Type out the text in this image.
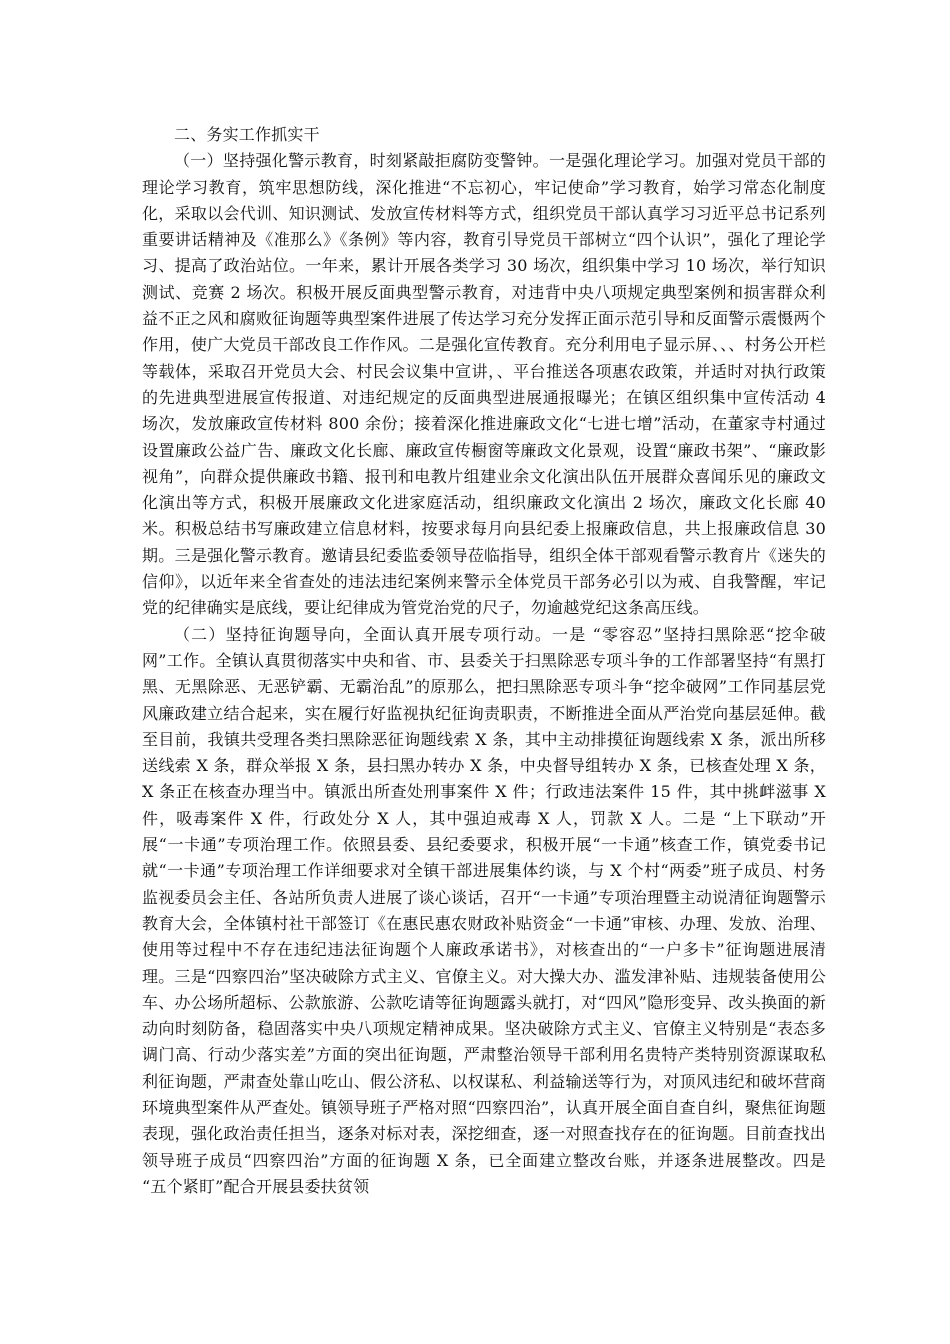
二、务实工作抓实干

（一）坚持强化警示教育，时刻紧敲拒腐防变警钟。一是强化理论学习。加强对党员干部的理论学习教育，筑牢思想防线，深化推进“不忘初心，牢记使命”学习教育，始学习常态化制度化，采取以会代训、知识测试、发放宣传材料等方式，组织党员干部认真学习习近平总书记系列重要讲话精神及《准那么》《条例》等内容，教育引导党员干部树立“四个认识”，强化了理论学习、提高了政治站位。一年来，累计开展各类学习 30 场次，组织集中学习 10 场次，举行知识测试、竞赛 2 场次。积极开展反面典型警示教育，对违背中央八项规定典型案例和损害群众利益不正之风和腐败征询题等典型案件进展了传达学习充分发挥正面示范引导和反面警示震慑两个作用，使广大党员干部改良工作作风。二是强化宣传教育。充分利用电子显示屏、、、村务公开栏等载体，采取召开党员大会、村民会议集中宣讲，、平台推送各项惠农政策，并适时对执行政策的先进典型进展宣传报道、对违纪规定的反面典型进展通报曝光；在镇区组织集中宣传活动 4 场次，发放廉政宣传材料 800 余份；接着深化推进廉政文化“七进七增”活动，在董家寺村通过设置廉政公益广告、廉政文化长廊、廉政宣传橱窗等廉政文化景观，设置“廉政书架”、“廉政影视角”，向群众提供廉政书籍、报刊和电教片组建业余文化演出队伍开展群众喜闻乐见的廉政文化演出等方式，积极开展廉政文化进家庭活动，组织廉政文化演出 2 场次，廉政文化长廊 40 米。积极总结书写廉政建立信息材料，按要求每月向县纪委上报廉政信息，共上报廉政信息 30 期。三是强化警示教育。邀请县纪委监委领导莅临指导，组织全体干部观看警示教育片《迷失的信仰》，以近年来全省查处的违法违纪案例来警示全体党员干部务必引以为戒、自我警醒，牢记党的纪律确实是底线，要让纪律成为管党治党的尺子，勿逾越党纪这条高压线。

（二）坚持征询题导向，全面认真开展专项行动。一是 “零容忍”坚持扫黑除恶“挖伞破网”工作。全镇认真贯彻落实中央和省、市、县委关于扫黑除恶专项斗争的工作部署坚持“有黑打黑、无黑除恶、无恶铲霸、无霸治乱”的原那么，把扫黑除恶专项斗争“挖伞破网”工作同基层党风廉政建立结合起来，实在履行好监视执纪征询责职责，不断推进全面从严治党向基层延伸。截至目前，我镇共受理各类扫黑除恶征询题线索 X 条，其中主动排摸征询题线索 X 条，派出所移送线索 X 条，群众举报 X 条，县扫黑办转办 X 条，中央督导组转办 X 条，已核查处理 X 条，X 条正在核查办理当中。镇派出所查处刑事案件 X 件；行政违法案件 15 件，其中挑衅滋事 X 件，吸毒案件 X 件，行政处分 X 人，其中强迫戒毒 X 人，罚款 X 人。二是 “上下联动”开展“一卡通”专项治理工作。依照县委、县纪委要求，积极开展“一卡通”核查工作，镇党委书记就“一卡通”专项治理工作详细要求对全镇干部进展集体约谈，与 X 个村“两委”班子成员、村务监视委员会主任、各站所负责人进展了谈心谈话，召开“一卡通”专项治理暨主动说清征询题警示教育大会，全体镇村社干部签订《在惠民惠农财政补贴资金“一卡通”审核、办理、发放、治理、使用等过程中不存在违纪违法征询题个人廉政承诺书》，对核查出的“一户多卡”征询题进展清理。三是“四察四治”坚决破除方式主义、官僚主义。对大操大办、滥发津补贴、违规装备使用公车、办公场所超标、公款旅游、公款吃请等征询题露头就打，对“四风”隐形变异、改头换面的新动向时刻防备，稳固落实中央八项规定精神成果。坚决破除方式主义、官僚主义特别是“表态多调门高、行动少落实差”方面的突出征询题，严肃整治领导干部利用名贵特产类特别资源谋取私利征询题，严肃查处靠山吃山、假公济私、以权谋私、利益输送等行为，对顶风违纪和破坏营商环境典型案件从严查处。镇领导班子严格对照“四察四治”，认真开展全面自查自纠，聚焦征询题表现，强化政治责任担当，逐条对标对表，深挖细查，逐一对照查找存在的征询题。目前查找出领导班子成员“四察四治”方面的征询题 X 条，已全面建立整改台账，并逐条进展整改。四是 “五个紧盯”配合开展县委扶贫领
